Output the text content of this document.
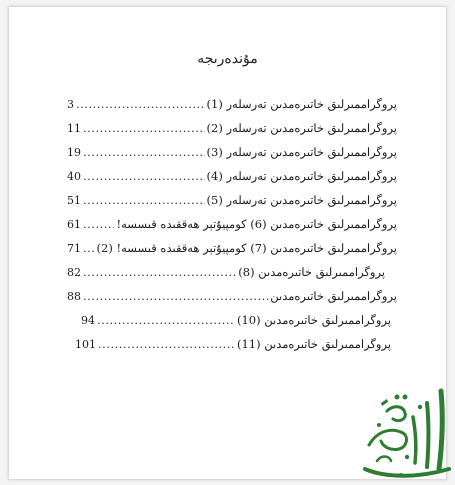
مۇندەرىجە
3 .....	پروگراممىرلىق خاتىرەمدىن تەرسلەر (1)
11 .....	پروگراممىرلىق خاتىرەمدىن تەرسلەر (2)
19 .....	پروگراممىرلىق خاتىرەمدىن تەرسلەر (3)
40 .....	پروگراممىرلىق خاتىرەمدىن تەرسلەر (4)
51 .....	پروگراممىرلىق خاتىرەمدىن تەرسلەر (5)
61 .....	پروگراممىرلىق خاتىرەمدىن (6) كومپيۇتېر ھەققىدە قىسسە!
71 ..... پروگراممىرلىق خاتىرەمدىن (7) كومپيۇتېر ھەققىدە قىسسە! (2)
82 .....	پروگراممىرلىق خاتىرەمدىن (8)
88 .....	پروگراممىرلىق خاتىرەمدىن
94 .....	پروگراممىرلىق خاتىرەمدىن (10)
101 .....	پروگراممىرلىق خاتىرەمدىن (11)
